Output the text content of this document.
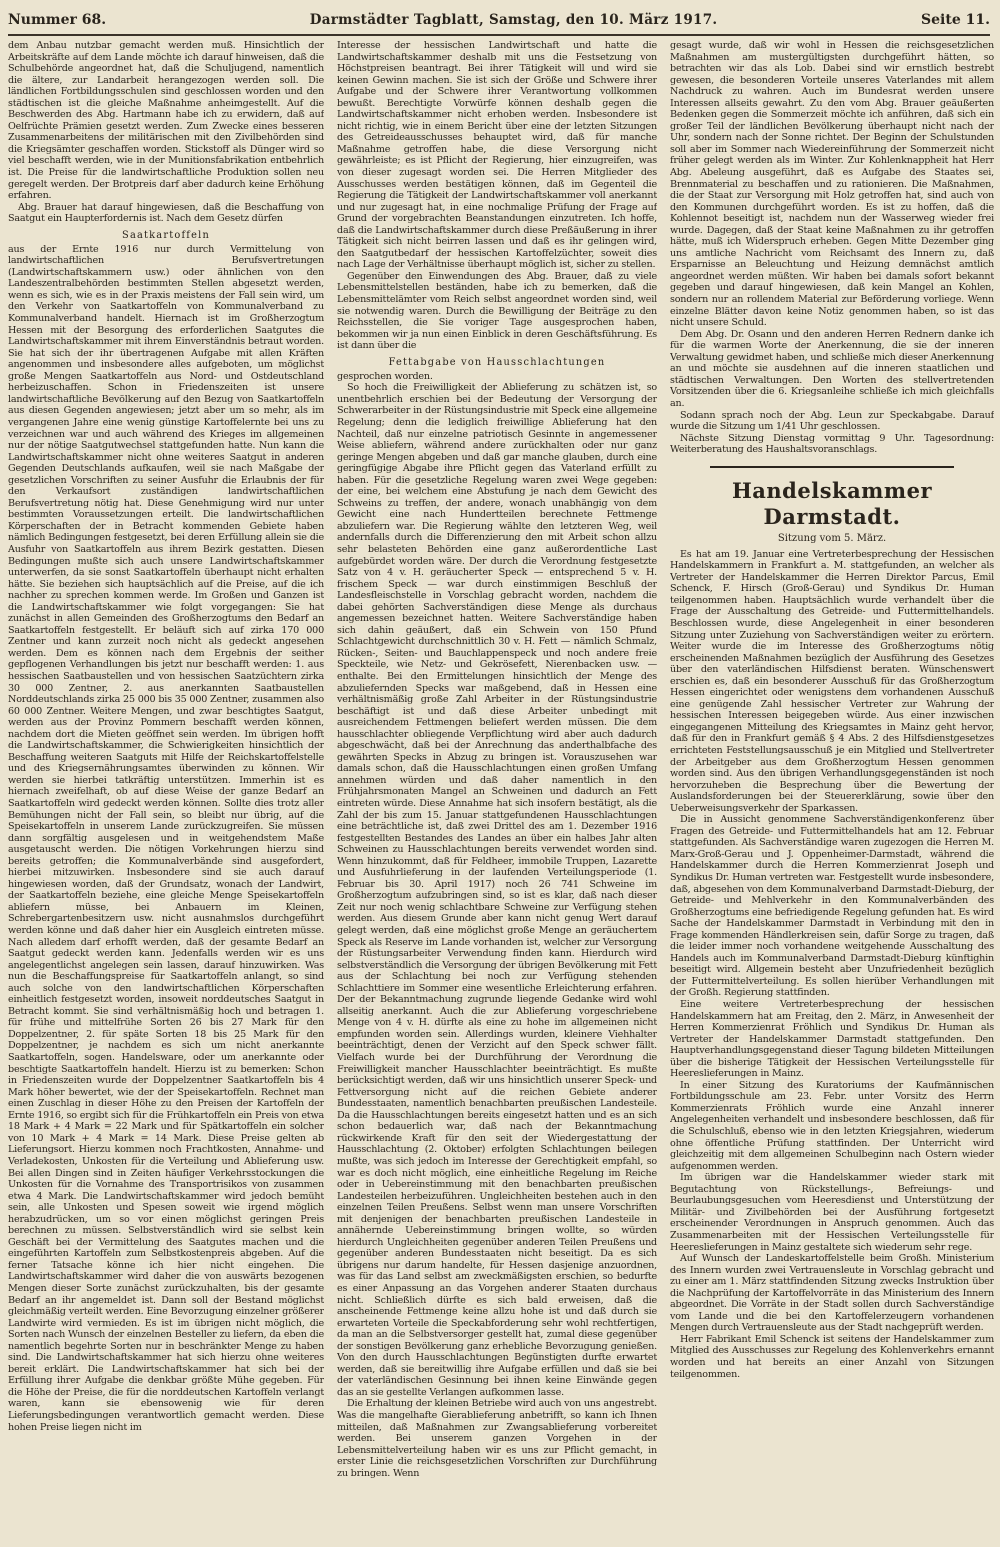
Nummer 68.	Darmstädter Tagblatt, Samstag, den 10. März 1917.	Seite 11.

dem Anbau nutzbar gemacht werden muß. Hinsichtlich der Arbeitskräfte auf dem Lande möchte ich darauf hinweisen, daß die Schulbehörde angeordnet hat, daß die Schuljugend, namentlich die ältere, zur Landarbeit herangezogen werden soll. Die ländlichen Fortbildungsschulen sind geschlossen worden und den städtischen ist die gleiche Maßnahme anheimgestellt. Auf die Beschwerden des Abg. Hartmann habe ich zu erwidern, daß auf Oelfrüchte Prämien gesetzt werden. Zum Zwecke eines besseren Zusammenarbeitens der militärischen mit den Zivilbehörden sind die Kriegsämter geschaffen worden. Stickstoff als Dünger wird so viel beschafft werden, wie in der Munitionsfabrikation entbehrlich ist. Die Preise für die landwirtschaftliche Produktion sollen neu geregelt werden. Der Brotpreis darf aber dadurch keine Erhöhung erfahren.

Abg. Brauer hat darauf hingewiesen, daß die Beschaffung von Saatgut ein Haupterfordernis ist. Nach dem Gesetz dürfen

Saatkartoffeln

aus der Ernte 1916 nur durch Vermittelung von landwirtschaftlichen Berufsvertretungen (Landwirtschaftskammern usw.) oder ähnlichen von den Landeszentralbehörden bestimmten Stellen abgesetzt werden, wenn es sich, wie es in der Praxis meistens der Fall sein wird, um den Verkehr von Saatkartoffeln von Kommunalverband zu Kommunalverband handelt. Hiernach ist im Großherzogtum Hessen mit der Besorgung des erforderlichen Saatgutes die Landwirtschaftskammer mit ihrem Einverständnis betraut worden. Sie hat sich der ihr übertragenen Aufgabe mit allen Kräften angenommen und insbesondere alles aufgeboten, um möglichst große Mengen Saatkartoffeln aus Nord- und Ostdeutschland herbeizuschaffen. Schon in Friedenszeiten ist unsere landwirtschaftliche Bevölkerung auf den Bezug von Saatkartoffeln aus diesen Gegenden angewiesen; jetzt aber um so mehr, als im vergangenen Jahre eine wenig günstige Kartoffelernte bei uns zu verzeichnen war und auch während des Krieges im allgemeinen nur der nötige Saatgutwechsel stattgefunden hatte. Nun kann die Landwirtschaftskammer nicht ohne weiteres Saatgut in anderen Gegenden Deutschlands aufkaufen, weil sie nach Maßgabe der gesetzlichen Vorschriften zu seiner Ausfuhr die Erlaubnis der für den Verkaufsort zuständigen landwirtschaftlichen Berufsvertretung nötig hat. Diese Genehmigung wird nur unter bestimmten Voraussetzungen erteilt. Die landwirtschaftlichen Körperschaften der in Betracht kommenden Gebiete haben nämlich Bedingungen festgesetzt, bei deren Erfüllung allein sie die Ausfuhr von Saatkartoffeln aus ihrem Bezirk gestatten. Diesen Bedingungen mußte sich auch unsere Landwirtschaftskammer unterwerfen, da sie sonst Saatkartoffeln überhaupt nicht erhalten hätte. Sie beziehen sich hauptsächlich auf die Preise, auf die ich nachher zu sprechen kommen werde. Im Großen und Ganzen ist die Landwirtschaftskammer wie folgt vorgegangen: Sie hat zunächst in allen Gemeinden des Großherzogtums den Bedarf an Saatkartoffeln festgestellt. Er beläuft sich auf zirka 170 000 Zentner und kann zurzeit noch nicht als gedeckt angesehen werden. Dem es können nach dem Ergebnis der seither gepflogenen Verhandlungen bis jetzt nur beschafft werden: 1. aus hessischen Saatbaustellen und von hessischen Saatzüchtern zirka 30 000 Zentner, 2. aus anerkannten Saatbaustellen Norddeutschlands zirka 25 000 bis 35 000 Zentner, zusammen also 60 000 Zentner. Weitere Mengen, und zwar beschtigtes Saatgut, werden aus der Provinz Pommern beschafft werden können, nachdem dort die Mieten geöffnet sein werden. Im übrigen hofft die Landwirtschaftskammer, die Schwierigkeiten hinsichtlich der Beschaffung weiteren Saatguts mit Hilfe der Reichskartoffelstelle und des Kriegsernährungsamtes überwinden zu können. Wir werden sie hierbei tatkräftig unterstützen. Immerhin ist es hiernach zweifelhaft, ob auf diese Weise der ganze Bedarf an Saatkartoffeln wird gedeckt werden können. Sollte dies trotz aller Bemühungen nicht der Fall sein, so bleibt nur übrig, auf die Speisekartoffeln in unserem Lande zurückzugreifen. Sie müssen dann sorgfältig ausgelesen und in weitgehendstem Maße ausgetauscht werden. Die nötigen Vorkehrungen hierzu sind bereits getroffen; die Kommunalverbände sind ausgefordert, hierbei mitzuwirken. Insbesondere sind sie auch darauf hingewiesen worden, daß der Grundsatz, wonach der Landwirt, der Saatkartoffeln beziehe, eine gleiche Menge Speisekartoffeln abliefern müsse, bei Anbauern im Kleinen, Schrebergartenbesitzern usw. nicht ausnahmslos durchgeführt werden könne und daß daher hier ein Ausgleich eintreten müsse. Nach alledem darf erhofft werden, daß der gesamte Bedarf an Saatgut gedeckt werden kann. Jedenfalls werden wir es uns angelegentlichst angelegen sein lassen, darauf hinzuwirken. Was nun die Beschaffungspreise für Saatkartoffeln anlangt, so sind auch solche von den landwirtschaftlichen Körperschaften einheitlich festgesetzt worden, insoweit norddeutsches Saatgut in Betracht kommt. Sie sind verhältnismäßig hoch und betragen 1. für frühe und mittelfrühe Sorten 26 bis 27 Mark für den Doppelzentner, 2. für späte Sorten 18 bis 25 Mark für den Doppelzentner, je nachdem es sich um nicht anerkannte Saatkartoffeln, sogen. Handelsware, oder um anerkannte oder beschtigte Saatkartoffeln handelt. Hierzu ist zu bemerken: Schon in Friedenszeiten wurde der Doppelzentner Saatkartoffeln bis 4 Mark höher bewertet, wie der der Speisekartoffeln. Rechnet man einen Zuschlag in dieser Höhe zu den Preisen der Kartoffeln der Ernte 1916, so ergibt sich für die Frühkartoffeln ein Preis von etwa 18 Mark + 4 Mark = 22 Mark und für Spätkartoffeln ein solcher von 10 Mark + 4 Mark = 14 Mark. Diese Preise gelten ab Lieferungsort. Hierzu kommen noch Frachtkosten, Annahme- und Verladekosten, Unkosten für die Verteilung und Ablieferung usw. Bei allen Dingen sind in Zeiten häufiger Verkehrsstockungen die Unkosten für die Vornahme des Transportrisikos von zusammen etwa 4 Mark. Die Landwirtschaftskammer wird jedoch bemüht sein, alle Unkosten und Spesen soweit wie irgend möglich herabzudrücken, um so vor einen möglichst geringen Preis berechnen zu müssen. Selbstverständlich wird sie selbst kein Geschäft bei der Vermittelung des Saatgutes machen und die eingeführten Kartoffeln zum Selbstkostenpreis abgeben. Auf die ferner Tatsache könne ich hier nicht eingehen. Die Landwirtschaftskammer wird daher die von auswärts bezogenen Mengen dieser Sorte zunächst zurückzuhalten, bis der gesamte Bedarf an ihr angemeldet ist. Dann soll der Bestand möglichst gleichmäßig verteilt werden. Eine Bevorzugung einzelner größerer Landwirte wird vermieden. Es ist im übrigen nicht möglich, die Sorten nach Wunsch der einzelnen Besteller zu liefern, da eben die namentlich begehrte Sorten nur in beschränkter Menge zu haben sind. Die Landwirtschaftskammer hat sich hierzu ohne weiteres bereit erklärt. Die Landwirtschaftskammer hat sich bei der Erfüllung ihrer Aufgabe die denkbar größte Mühe gegeben. Für die Höhe der Preise, die für die norddeutschen Kartoffeln verlangt waren, kann sie ebensowenig wie für deren Lieferungsbedingungen verantwortlich gemacht werden. Diese hohen Preise liegen nicht im

Interesse der hessischen Landwirtschaft und hatte die Landwirtschaftskammer deshalb mit uns die Festsetzung von Höchstpreisen beantragt. Bei ihrer Tätigkeit will und wird sie keinen Gewinn machen. Sie ist sich der Größe und Schwere ihrer Aufgabe und der Schwere ihrer Verantwortung vollkommen bewußt. Berechtigte Vorwürfe können deshalb gegen die Landwirtschaftskammer nicht erhoben werden. Insbesondere ist nicht richtig, wie in einem Bericht über eine der letzten Sitzungen des Getreideausschusses behauptet wird, daß für manche Maßnahme getroffen habe, die diese Versorgung nicht gewährleiste; es ist Pflicht der Regierung, hier einzugreifen, was von dieser zugesagt worden sei. Die Herren Mitglieder des Ausschusses werden bestätigen können, daß im Gegenteil die Regierung die Tätigkeit der Landwirtschaftskammer voll anerkannt und nur zugesagt hat, in eine nochmalige Prüfung der Frage auf Grund der vorgebrachten Beanstandungen einzutreten. Ich hoffe, daß die Landwirtschaftskammer durch diese Preßäußerung in ihrer Tätigkeit sich nicht beirren lassen und daß es ihr gelingen wird, den Saatgutbedarf der hessischen Kartoffelzüchter, soweit dies nach Lage der Verhältnisse überhaupt möglich ist, sicher zu stellen.

Gegenüber den Einwendungen des Abg. Brauer, daß zu viele Lebensmittelstellen beständen, habe ich zu bemerken, daß die Lebensmittelämter vom Reich selbst angeordnet worden sind, weil sie notwendig waren. Durch die Bewilligung der Beiträge zu den Reichsstellen, die Sie voriger Tage ausgesprochen haben, bekommen wir ja nun einen Einblick in deren Geschäftsführung. Es ist dann über die

Fettabgabe von Hausschlachtungen

gesprochen worden.

So hoch die Freiwilligkeit der Ablieferung zu schätzen ist, so unentbehrlich erschien bei der Bedeutung der Versorgung der Schwerarbeiter in der Rüstungsindustrie mit Speck eine allgemeine Regelung; denn die lediglich freiwillige Ablieferung hat den Nachteil, daß nur einzelne patriotisch Gesinnte in angemessener Weise abliefern, während andere zurückhalten oder nur ganz geringe Mengen abgeben und daß gar manche glauben, durch eine geringfügige Abgabe ihre Pflicht gegen das Vaterland erfüllt zu haben. Für die gesetzliche Regelung waren zwei Wege gegeben: der eine, bei welchem eine Abstufung je nach dem Gewicht des Schweins zu treffen, der andere, wonach unabhängig von dem Gewicht eine nach Hundertteilen berechnete Fettmenge abzuliefern war. Die Regierung wählte den letzteren Weg, weil andernfalls durch die Differenzierung den mit Arbeit schon allzu sehr belasteten Behörden eine ganz außerordentliche Last aufgebürdet worden wäre. Der durch die Verordnung festgesetzte Satz von 4 v. H. geräucherter Speck — entsprechend 5 v. H. frischem Speck — war durch einstimmigen Beschluß der Landesfleischstelle in Vorschlag gebracht worden, nachdem die dabei gehörten Sachverständigen diese Menge als durchaus angemessen bezeichnet hatten. Weitere Sachverständige haben sich dahin geäußert, daß ein Schwein von 150 Pfund Schlachtgewicht durchschnittlich 30 v. H. Fett — nämlich Schmalz, Rücken-, Seiten- und Bauchlappenspeck und noch andere freie Speckteile, wie Netz- und Gekrösefett, Nierenbacken usw. — enthalte. Bei den Ermittelungen hinsichtlich der Menge des abzuliefernden Specks war maßgebend, daß in Hessen eine verhältnismäßig große Zahl Arbeiter in der Rüstungsindustrie beschäftigt ist und daß diese Arbeiter unbedingt mit ausreichendem Fettmengen beliefert werden müssen. Die dem hausschlachter obliegende Verpflichtung wird aber auch dadurch abgeschwächt, daß bei der Anrechnung das anderthalbfache des gewährten Specks in Abzug zu bringen ist. Vorauszusehen war damals schon, daß die Hausschlachtungen einen großen Umfang annehmen würden und daß daher namentlich in den Frühjahrsmonaten Mangel an Schweinen und dadurch an Fett eintreten würde. Diese Annahme hat sich insofern bestätigt, als die Zahl der bis zum 15. Januar stattgefundenen Hausschlachtungen eine beträchtliche ist, daß zwei Drittel des am 1. Dezember 1916 festgestellten Bestandes des Landes an über ein halbes Jahr alten Schweinen zu Hausschlachtungen bereits verwendet worden sind. Wenn hinzukommt, daß für Feldheer, immobile Truppen, Lazarette und Ausfuhrlieferung in der laufenden Verteilungsperiode (1. Februar bis 30. April 1917) noch 26 741 Schweine im Großherzogtum aufzubringen sind, so ist es klar, daß nach dieser Zeit nur noch wenig schlachtbare Schweine zur Verfügung stehen werden. Aus diesem Grunde aber kann nicht genug Wert darauf gelegt werden, daß eine möglichst große Menge an geräuchertem Speck als Reserve im Lande vorhanden ist, welcher zur Versorgung der Rüstungsarbeiter Verwendung finden kann. Hierdurch wird selbstverständlich die Versorgung der übrigen Bevölkerung mit Fett aus der Schlachtung bei noch zur Verfügung stehenden Schlachttiere im Sommer eine wesentliche Erleichterung erfahren. Der der Bekanntmachung zugrunde liegende Gedanke wird wohl allseitig anerkannt. Auch die zur Ablieferung vorgeschriebene Menge von 4 v. H. dürfte als eine zu hohe im allgemeinen nicht empfunden worden sein. Allerdings wurden, kleinere Viehhalter beeinträchtigt, denen der Verzicht auf den Speck schwer fällt. Vielfach wurde bei der Durchführung der Verordnung die Freiwilligkeit mancher Hausschlachter beeinträchtigt. Es mußte berücksichtigt werden, daß wir uns hinsichtlich unserer Speck- und Fettversorgung nicht auf die reichen Gebiete anderer Bundesstaaten, namentlich benachbarten preußischen Landesteile. Da die Hausschlachtungen bereits eingesetzt hatten und es an sich schon bedauerlich war, daß nach der Bekanntmachung rückwirkende Kraft für den seit der Wiedergestattung der Hausschlachtung (2. Oktober) erfolgten Schlachtungen beilegen mußte, was sich jedoch im Interesse der Gerechtigkeit empfahl, so war es doch nicht möglich, eine einheitliche Regelung im Reiche oder in Uebereinstimmung mit den benachbarten preußischen Landesteilen herbeizuführen. Ungleichheiten bestehen auch in den einzelnen Teilen Preußens. Selbst wenn man unsere Vorschriften mit denjenigen der benachbarten preußischen Landesteile in annähernde Uebereinstimmung bringen wollte, so würden hierdurch Ungleichheiten gegenüber anderen Teilen Preußens und gegenüber anderen Bundesstaaten nicht beseitigt. Da es sich übrigens nur darum handelte, für Hessen dasjenige anzuordnen, was für das Land selbst am zweckmäßigsten erschien, so bedurfte es einer Anpassung an das Vorgehen anderer Staaten durchaus nicht. Schließlich dürfte es sich bald erweisen, daß die anscheinende Fettmenge keine allzu hohe ist und daß durch sie erwarteten Vorteile die Speckabforderung sehr wohl rechtfertigen, da man an die Selbstversorger gestellt hat, zumal diese gegenüber der sonstigen Bevölkerung ganz erhebliche Bevorzugung genießen. Von den durch Hausschlachtungen Begünstigten durfte erwartet werden, daß sie bereitwillig ihre Aufgabe erfüllen und daß sie bei der vaterländischen Gesinnung bei ihnen keine Einwände gegen das an sie gestellte Verlangen aufkommen lasse.

Die Erhaltung der kleinen Betriebe wird auch von uns angestrebt. Was die mangelhafte Gierablieferung anbetrifft, so kann ich Ihnen mitteilen, daß Maßnahmen zur Zwangsablieferung vorbereitet werden. Bei unserem ganzen Vorgehen in der Lebensmittelverteilung haben wir es uns zur Pflicht gemacht, in erster Linie die reichsgesetzlichen Vorschriften zur Durchführung zu bringen. Wenn

gesagt wurde, daß wir wohl in Hessen die reichsgesetzlichen Maßnahmen am mustergültigsten durchgeführt hätten, so betrachten wir das als Lob. Dabei sind wir ernstlich bestrebt gewesen, die besonderen Vorteile unseres Vaterlandes mit allem Nachdruck zu wahren. Auch im Bundesrat werden unsere Interessen allseits gewahrt. Zu den vom Abg. Brauer geäußerten Bedenken gegen die Sommerzeit möchte ich anführen, daß sich ein großer Teil der ländlichen Bevölkerung überhaupt nicht nach der Uhr, sondern nach der Sonne richtet. Der Beginn der Schulstunden soll aber im Sommer nach Wiedereinführung der Sommerzeit nicht früher gelegt werden als im Winter. Zur Kohlenknappheit hat Herr Abg. Abeleung ausgeführt, daß es Aufgabe des Staates sei, Brennmaterial zu beschaffen und zu rationieren. Die Maßnahmen, die der Staat zur Versorgung mit Holz getroffen hat, sind auch von den Kommunen durchgeführt worden. Es ist zu hoffen, daß die Kohlennot beseitigt ist, nachdem nun der Wasserweg wieder frei wurde. Dagegen, daß der Staat keine Maßnahmen zu ihr getroffen hätte, muß ich Widerspruch erheben. Gegen Mitte Dezember ging uns amtliche Nachricht vom Reichsamt des Innern zu, daß Ersparnisse an Beleuchtung und Heizung demnächst amtlich angeordnet werden müßten. Wir haben bei damals sofort bekannt gegeben und darauf hingewiesen, daß kein Mangel an Kohlen, sondern nur an rollendem Material zur Beförderung vorliege. Wenn einzelne Blätter davon keine Notiz genommen haben, so ist das nicht unsere Schuld.

Dem Abg. Dr. Osann und den anderen Herren Rednern danke ich für die warmen Worte der Anerkennung, die sie der inneren Verwaltung gewidmet haben, und schließe mich dieser Anerkennung an und möchte sie ausdehnen auf die inneren staatlichen und städtischen Verwaltungen. Den Worten des stellvertretenden Vorsitzenden über die 6. Kriegsanleihe schließe ich mich gleichfalls an.

Sodann sprach noch der Abg. Leun zur Speckabgabe. Darauf wurde die Sitzung um 1/41 Uhr geschlossen.

Nächste Sitzung Dienstag vormittag 9 Uhr. Tagesordnung: Weiterberatung des Haushaltsvoranschlags.

Handelskammer Darmstadt.
Sitzung vom 5. März.

Es hat am 19. Januar eine Vertreterbesprechung der Hessischen Handelskammern in Frankfurt a. M. stattgefunden, an welcher als Vertreter der Handelskammer die Herren Direktor Parcus, Emil Schenck, F. Hirsch (Groß-Gerau) und Syndikus Dr. Human teilgenommen haben. Hauptsächlich wurde verhandelt über die Frage der Ausschaltung des Getreide- und Futtermittelhandels. Beschlossen wurde, diese Angelegenheit in einer besonderen Sitzung unter Zuziehung von Sachverständigen weiter zu erörtern. Weiter wurde die im Interesse des Großherzogtums nötig erscheinenden Maßnahmen bezüglich der Ausführung des Gesetzes über den vaterländischen Hilfsdienst beraten. Wünschenswert erschien es, daß ein besonderer Ausschuß für das Großherzogtum Hessen eingerichtet oder wenigstens dem vorhandenen Ausschuß eine genügende Zahl hessischer Vertreter zur Wahrung der hessischen Interessen beigegeben würde. Aus einer inzwischen eingegangenen Mitteilung des Kriegsamtes in Mainz geht hervor, daß für den in Frankfurt gemäß § 4 Abs. 2 des Hilfsdienstgesetzes errichteten Feststellungsausschuß je ein Mitglied und Stellvertreter der Arbeitgeber aus dem Großherzogtum Hessen genommen worden sind. Aus den übrigen Verhandlungsgegenständen ist noch hervorzuheben die Besprechung über die Bewertung der Auslandsforderungen bei der Steuererklärung, sowie über den Ueberweisungsverkehr der Sparkassen.

Die in Aussicht genommene Sachverständigenkonferenz über Fragen des Getreide- und Futtermittelhandels hat am 12. Februar stattgefunden. Als Sachverständige waren zugezogen die Herren M. Marx-Groß-Gerau und J. Oppenheimer-Darmstadt, während die Handelskammer durch die Herren Kommerzienrat Joseph und Syndikus Dr. Human vertreten war. Festgestellt wurde insbesondere, daß, abgesehen von dem Kommunalverband Darmstadt-Dieburg, der Getreide- und Mehlverkehr in den Kommunalverbänden des Großherzogtums eine befriedigende Regelung gefunden hat. Es wird Sache der Handelskammer Darmstadt in Verbindung mit den in Frage kommenden Händlerkreisen sein, dafür Sorge zu tragen, daß die leider immer noch vorhandene weitgehende Ausschaltung des Handels auch im Kommunalverband Darmstadt-Dieburg künftighin beseitigt wird. Allgemein besteht aber Unzufriedenheit bezüglich der Futtermittelverteilung. Es sollen hierüber Verhandlungen mit der Großh. Regierung stattfinden.

Eine weitere Vertreterbesprechung der hessischen Handelskammern hat am Freitag, den 2. März, in Anwesenheit der Herren Kommerzienrat Fröhlich und Syndikus Dr. Human als Vertreter der Handelskammer Darmstadt stattgefunden. Den Hauptverhandlungsgegenstand dieser Tagung bildeten Mitteilungen über die bisherige Tätigkeit der Hessischen Verteilungsstelle für Heereslieferungen in Mainz.

In einer Sitzung des Kuratoriums der Kaufmännischen Fortbildungsschule am 23. Febr. unter Vorsitz des Herrn Kommerzienrats Fröhlich wurde eine Anzahl innerer Angelegenheiten verhandelt und insbesondere beschlossen, daß für die Schulschluß, ebenso wie in den letzten Kriegsjahren, wiederum ohne öffentliche Prüfung stattfinden. Der Unterricht wird gleichzeitig mit dem allgemeinen Schulbeginn nach Ostern wieder aufgenommen werden.

Im übrigen war die Handelskammer wieder stark mit Begutachtung von Rückstellungs-, Befreiungs- und Beurlaubungsgesuchen vom Heeresdienst und Unterstützung der Militär- und Zivilbehörden bei der Ausführung fortgesetzt erscheinender Verordnungen in Anspruch genommen. Auch das Zusammenarbeiten mit der Hessischen Verteilungsstelle für Heereslieferungen in Mainz gestaltete sich wiederum sehr rege.

Auf Wunsch der Landeskartoffelstelle beim Großh. Ministerium des Innern wurden zwei Vertrauensleute in Vorschlag gebracht und zu einer am 1. März stattfindenden Sitzung zwecks Instruktion über die Nachprüfung der Kartoffelvorräte in das Ministerium des Innern abgeordnet. Die Vorräte in der Stadt sollen durch Sachverständige vom Lande und die bei den Kartoffelerzeugern vorhandenen Mengen durch Vertrauensleute aus der Stadt nachgeprüft werden.

Herr Fabrikant Emil Schenck ist seitens der Handelskammer zum Mitglied des Ausschusses zur Regelung des Kohlenverkehrs ernannt worden und hat bereits an einer Anzahl von Sitzungen teilgenommen.
